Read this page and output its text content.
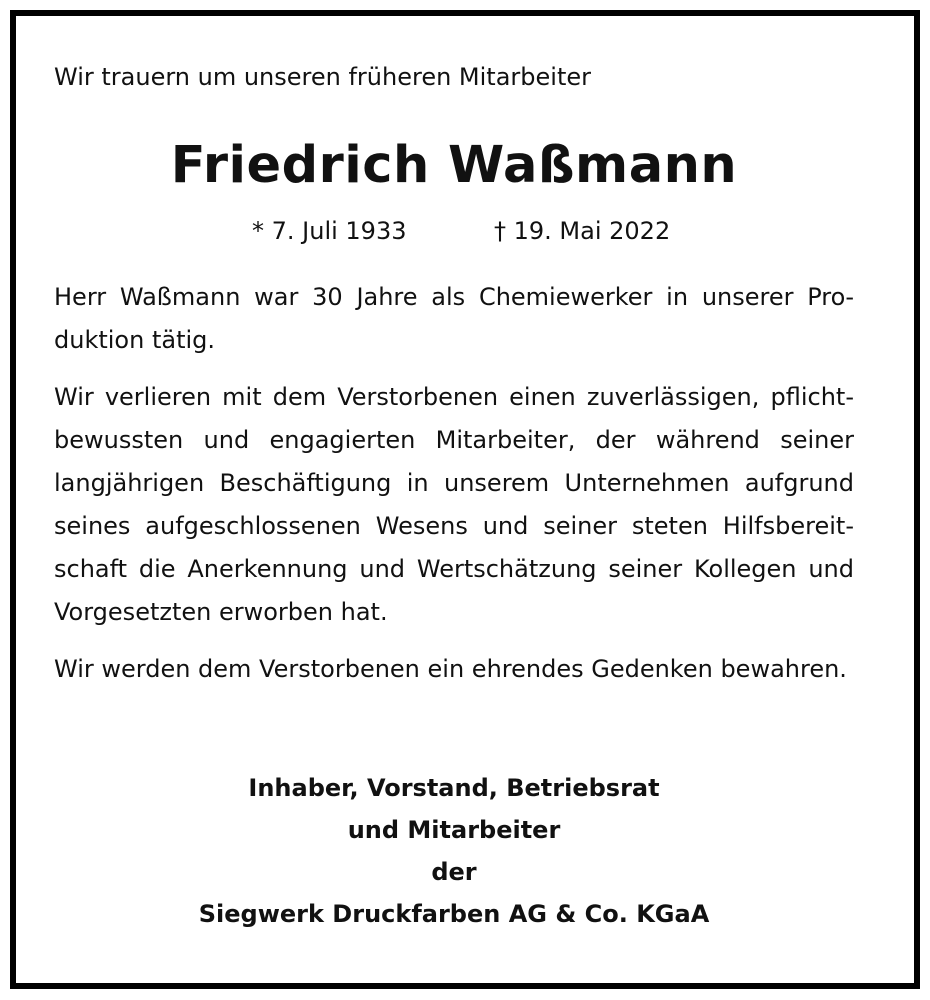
Wir trauern um unseren früheren Mitarbeiter

Friedrich Waßmann
* 7. Juli 1933	† 19. Mai 2022

Herr Waßmann war 30 Jahre als Chemiewerker in unserer Produktion tätig.

Wir verlieren mit dem Verstorbenen einen zuverlässigen, pflichtbewussten und engagierten Mitarbeiter, der während seiner langjährigen Beschäftigung in unserem Unternehmen aufgrund seines aufgeschlossenen Wesens und seiner steten Hilfsbereitschaft die Anerkennung und Wertschätzung seiner Kollegen und Vorgesetzten erworben hat.

Wir werden dem Verstorbenen ein ehrendes Gedenken bewahren.

Inhaber, Vorstand, Betriebsrat
und Mitarbeiter
der
Siegwerk Druckfarben AG & Co. KGaA
